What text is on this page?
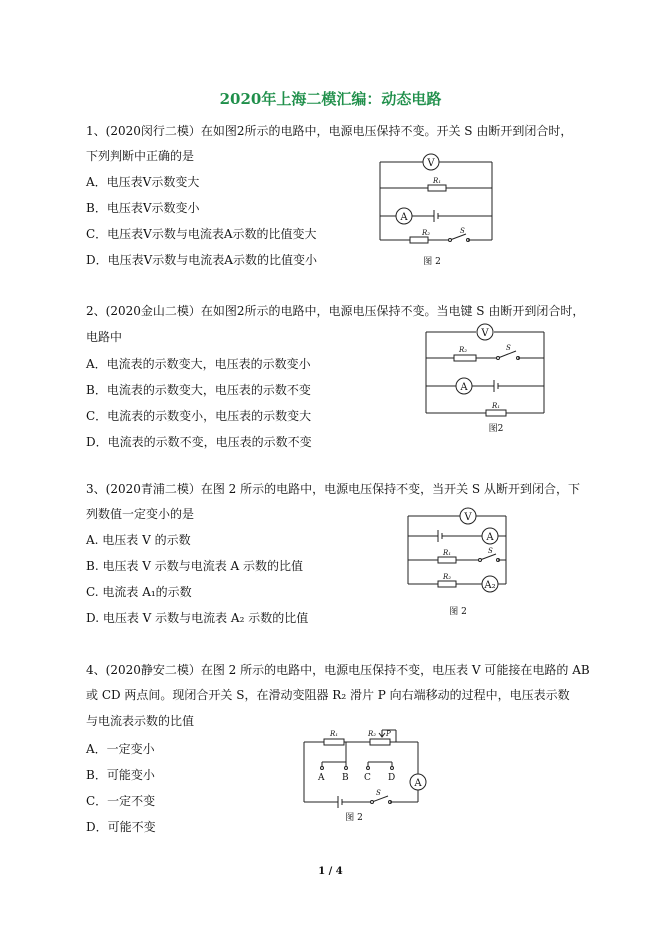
2020年上海二模汇编：动态电路
1、(2020闵行二模）在如图2所示的电路中，电源电压保持不变。开关 S 由断开到闭合时，
下列判断中正确的是
A．电压表V示数变大
B．电压表V示数变小
C．电压表V示数与电流表A示数的比值变大
D．电压表V示数与电流表A示数的比值变小
V
R₁
A
R₂	S
图 2
2、(2020金山二模）在如图2所示的电路中，电源电压保持不变。当电键 S 由断开到闭合时，
电路中
A．电流表的示数变大，电压表的示数变小
B．电流表的示数变大，电压表的示数不变
C．电流表的示数变小，电压表的示数变大
D．电流表的示数不变，电压表的示数不变
V
R₂	S
A
R₁
图2
3、(2020青浦二模）在图 2 所示的电路中，电源电压保持不变，当开关 S 从断开到闭合，下
列数值一定变小的是
A. 电压表 V 的示数
B. 电压表 V 示数与电流表 A 示数的比值
C. 电流表 A₁的示数
D. 电压表 V 示数与电流表 A₂ 示数的比值
V
A
R₁	S
R₂
A₂
图 2
4、(2020静安二模）在图 2 所示的电路中，电源电压保持不变，电压表 V 可能接在电路的 AB
或 CD 两点间。现闭合开关 S，在滑动变阻器 R₂ 滑片 P 向右端移动的过程中，电压表示数
与电流表示数的比值
A．一定变小
B．可能变小
C．一定不变
D．可能不变
R₁	R₂ P
A
A B C D
S
图 2
1 / 4
